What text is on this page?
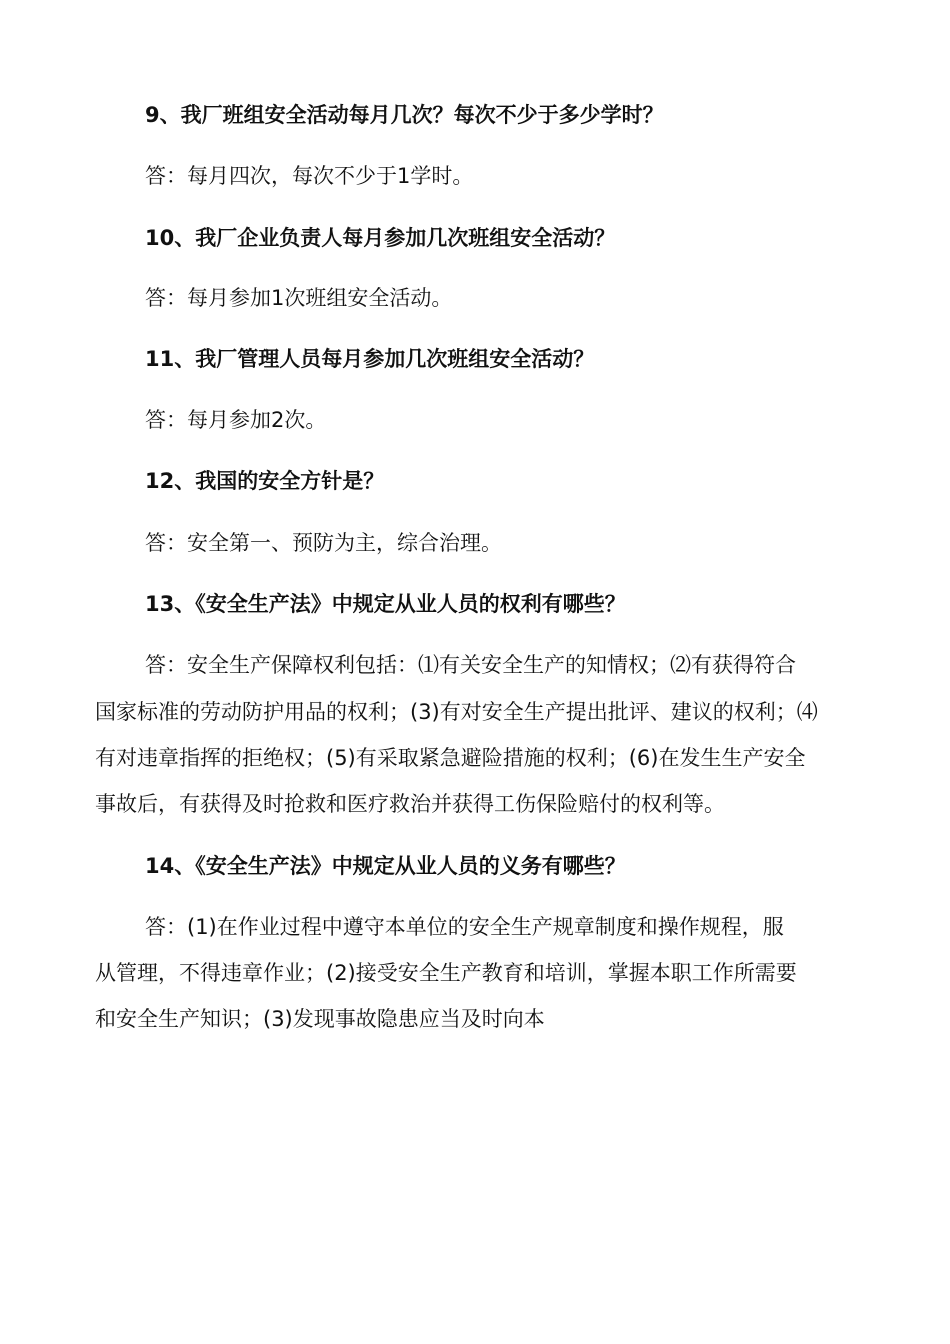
9、我厂班组安全活动每月几次？每次不少于多少学时？
答：每月四次，每次不少于1学时。
10、我厂企业负责人每月参加几次班组安全活动？
答：每月参加1次班组安全活动。
11、我厂管理人员每月参加几次班组安全活动？
答：每月参加2次。
12、我国的安全方针是？
答：安全第一、预防为主，综合治理。
13、《安全生产法》中规定从业人员的权利有哪些？
答：安全生产保障权利包括：⑴有关安全生产的知情权；⑵有获得符合
国家标准的劳动防护用品的权利；(3)有对安全生产提出批评、建议的权利；⑷
有对违章指挥的拒绝权；(5)有采取紧急避险措施的权利；(6)在发生生产安全
事故后，有获得及时抢救和医疗救治并获得工伤保险赔付的权利等。
14、《安全生产法》中规定从业人员的义务有哪些？
答：(1)在作业过程中遵守本单位的安全生产规章制度和操作规程，服
从管理，不得违章作业；(2)接受安全生产教育和培训，掌握本职工作所需要
和安全生产知识；(3)发现事故隐患应当及时向本
